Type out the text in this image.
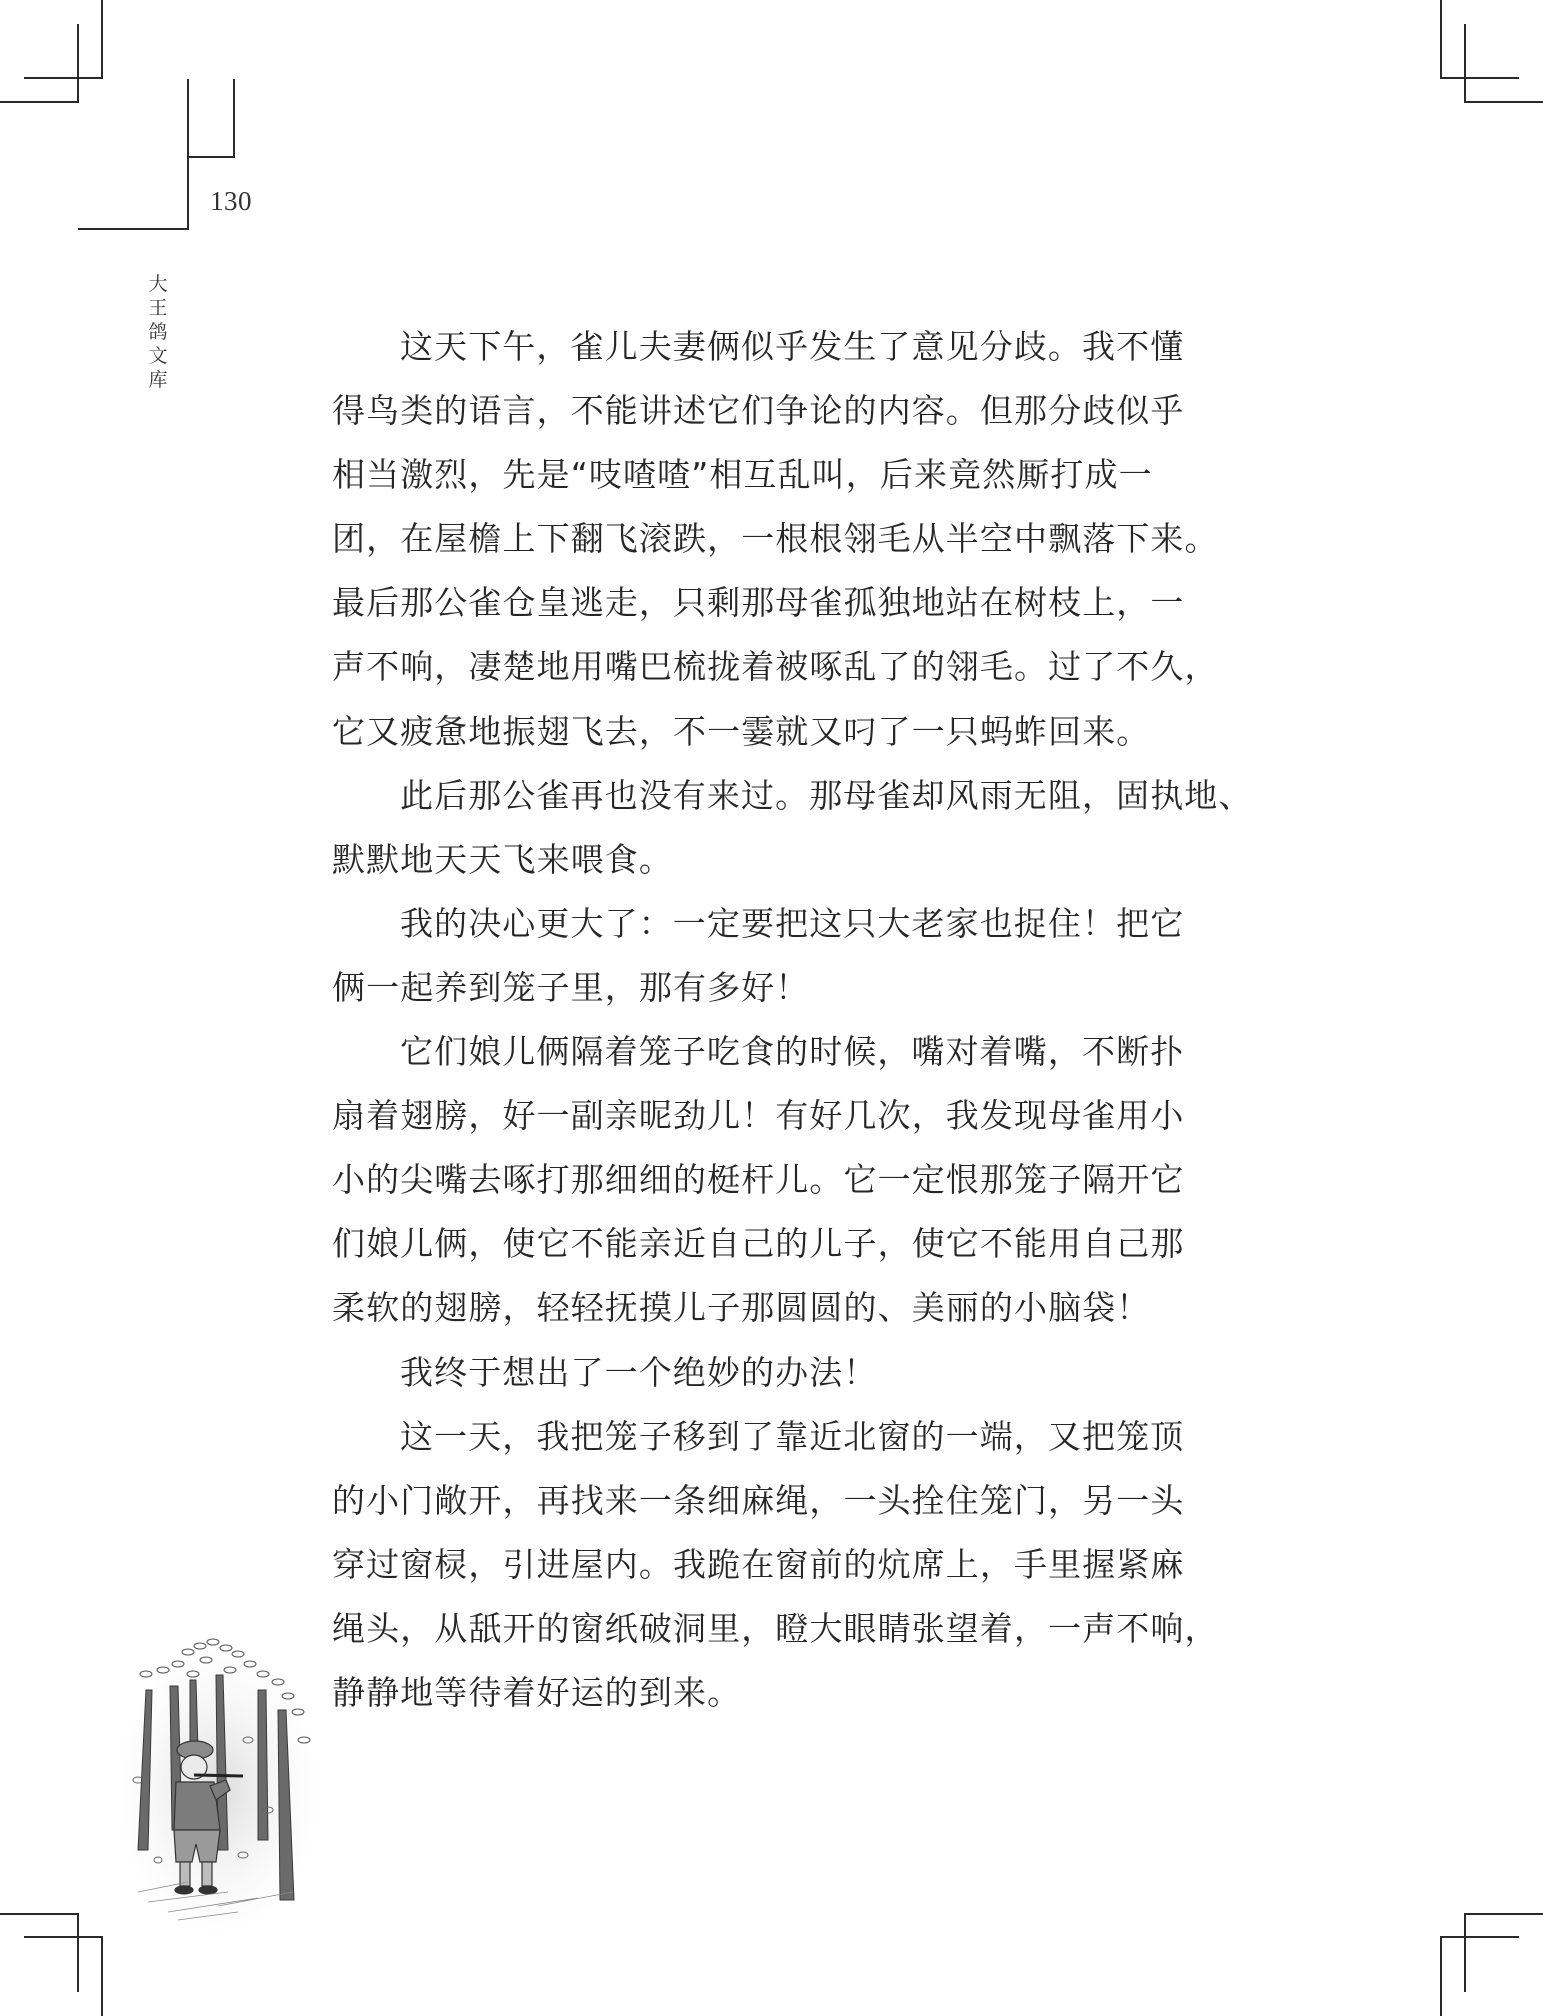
130
大
王
鸽
文
库
这天下午，雀儿夫妻俩似乎发生了意见分歧。我不懂
得鸟类的语言，不能讲述它们争论的内容。但那分歧似乎
相当激烈，先是“吱喳喳”相互乱叫，后来竟然厮打成一
团，在屋檐上下翻飞滚跌，一根根翎毛从半空中飘落下来。
最后那公雀仓皇逃走，只剩那母雀孤独地站在树枝上，一
声不响，凄楚地用嘴巴梳拢着被啄乱了的翎毛。过了不久，
它又疲惫地振翅飞去，不一霎就又叼了一只蚂蚱回来。
此后那公雀再也没有来过。那母雀却风雨无阻，固执地、
默默地天天飞来喂食。
我的决心更大了：一定要把这只大老家也捉住！把它
俩一起养到笼子里，那有多好！
它们娘儿俩隔着笼子吃食的时候，嘴对着嘴，不断扑
扇着翅膀，好一副亲昵劲儿！有好几次，我发现母雀用小
小的尖嘴去啄打那细细的梃杆儿。它一定恨那笼子隔开它
们娘儿俩，使它不能亲近自己的儿子，使它不能用自己那
柔软的翅膀，轻轻抚摸儿子那圆圆的、美丽的小脑袋！
我终于想出了一个绝妙的办法！
这一天，我把笼子移到了靠近北窗的一端，又把笼顶
的小门敞开，再找来一条细麻绳，一头拴住笼门，另一头
穿过窗棂，引进屋内。我跪在窗前的炕席上，手里握紧麻
绳头，从舐开的窗纸破洞里，瞪大眼睛张望着，一声不响，
静静地等待着好运的到来。
